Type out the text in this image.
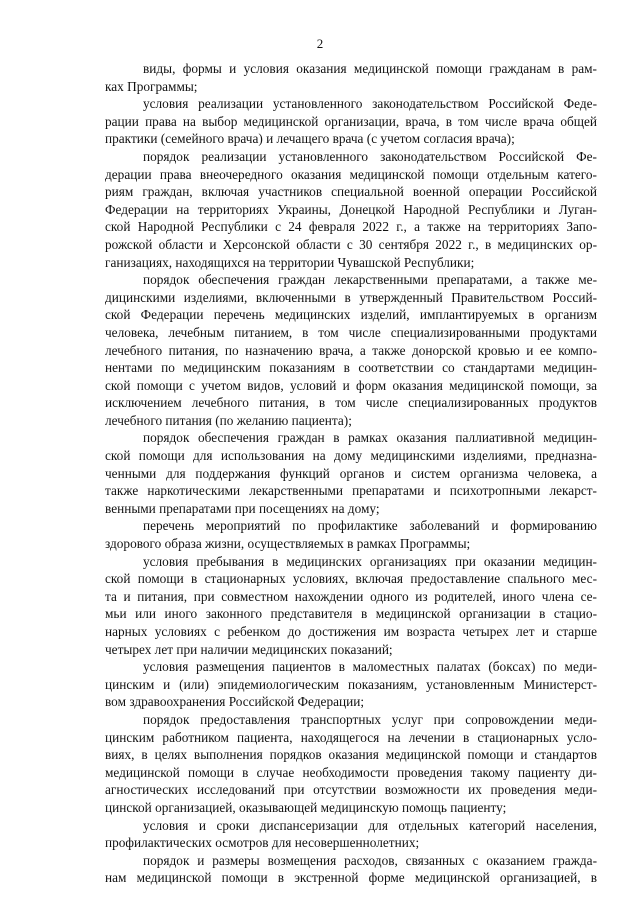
2
виды, формы и условия оказания медицинской помощи гражданам в рам-
ках Программы;
условия реализации установленного законодательством Российской Феде-
рации права на выбор медицинской организации, врача, в том числе врача общей
практики (семейного врача) и лечащего врача (с учетом согласия врача);
порядок реализации установленного законодательством Российской Фе-
дерации права внеочередного оказания медицинской помощи отдельным катего-
риям граждан, включая участников специальной военной операции Российской
Федерации на территориях Украины, Донецкой Народной Республики и Луган-
ской Народной Республики с 24 февраля 2022 г., а также на территориях Запо-
рожской области и Херсонской области с 30 сентября 2022 г., в медицинских ор-
ганизациях, находящихся на территории Чувашской Республики;
порядок обеспечения граждан лекарственными препаратами, а также ме-
дицинскими изделиями, включенными в утвержденный Правительством Россий-
ской Федерации перечень медицинских изделий, имплантируемых в организм
человека, лечебным питанием, в том числе специализированными продуктами
лечебного питания, по назначению врача, а также донорской кровью и ее компо-
нентами по медицинским показаниям в соответствии со стандартами медицин-
ской помощи с учетом видов, условий и форм оказания медицинской помощи, за
исключением лечебного питания, в том числе специализированных продуктов
лечебного питания (по желанию пациента);
порядок обеспечения граждан в рамках оказания паллиативной медицин-
ской помощи для использования на дому медицинскими изделиями, предназна-
ченными для поддержания функций органов и систем организма человека, а
также наркотическими лекарственными препаратами и психотропными лекарст-
венными препаратами при посещениях на дому;
перечень мероприятий по профилактике заболеваний и формированию
здорового образа жизни, осуществляемых в рамках Программы;
условия пребывания в медицинских организациях при оказании медицин-
ской помощи в стационарных условиях, включая предоставление спального мес-
та и питания, при совместном нахождении одного из родителей, иного члена се-
мьи или иного законного представителя в медицинской организации в стацио-
нарных условиях с ребенком до достижения им возраста четырех лет и старше
четырех лет при наличии медицинских показаний;
условия размещения пациентов в маломестных палатах (боксах) по меди-
цинским и (или) эпидемиологическим показаниям, установленным Министерст-
вом здравоохранения Российской Федерации;
порядок предоставления транспортных услуг при сопровождении меди-
цинским работником пациента, находящегося на лечении в стационарных усло-
виях, в целях выполнения порядков оказания медицинской помощи и стандартов
медицинской помощи в случае необходимости проведения такому пациенту ди-
агностических исследований при отсутствии возможности их проведения меди-
цинской организацией, оказывающей медицинскую помощь пациенту;
условия и сроки диспансеризации для отдельных категорий населения,
профилактических осмотров для несовершеннолетних;
порядок и размеры возмещения расходов, связанных с оказанием гражда-
нам медицинской помощи в экстренной форме медицинской организацией, в
